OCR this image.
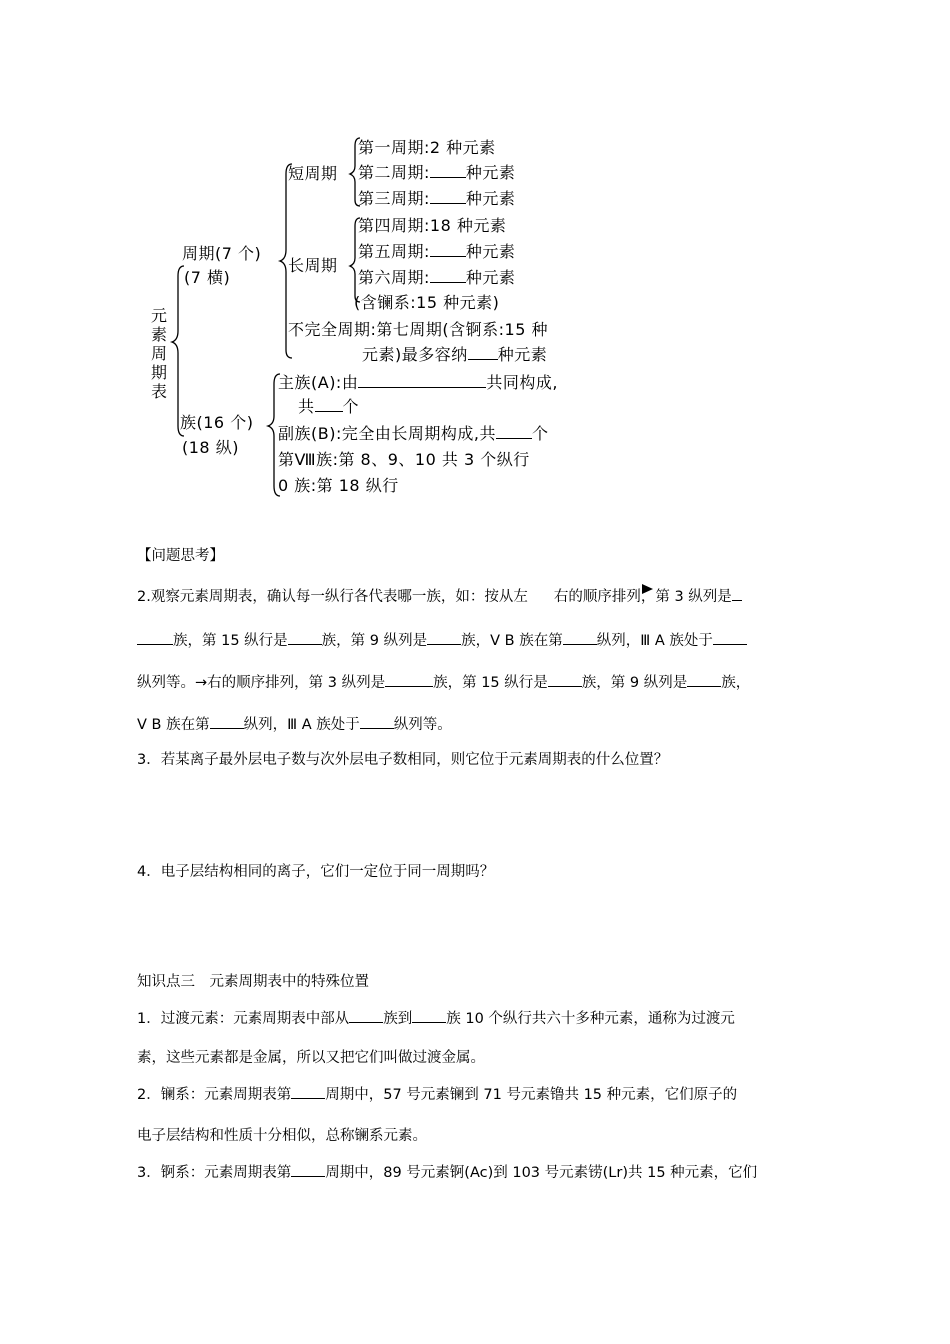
元素周期表
周期(7 个)
(7 横)
短周期
长周期
第一周期:2 种元素
第二周期: 种元素
第三周期: 种元素
第四周期:18 种元素
第五周期: 种元素
第六周期: 种元素
(含镧系:15 种元素)
不完全周期:第七周期(含锕系:15 种
元素)最多容纳 种元素
族(16 个)
(18 纵)
主族(A):由	共同构成,
共 个
副族(B):完全由长周期构成,共 个
第Ⅷ族:第 8、9、10 共 3 个纵行
0 族:第 18 纵行
【问题思考】
2.观察元素周期表，确认每一纵行各代表哪一族，如：按从左 右的顺序排列，第 3 纵列是
族，第 15 纵行是 族，第 9 纵列是 族，Ⅴ B 族在第 纵列，Ⅲ A 族处于
纵列等。→右的顺序排列，第 3 纵列是	族，第 15 纵行是 族，第 9 纵列是 族，
Ⅴ B 族在第 纵列，Ⅲ A 族处于 纵列等。
3．若某离子最外层电子数与次外层电子数相同，则它位于元素周期表的什么位置？
4．电子层结构相同的离子，它们一定位于同一周期吗？
知识点三　元素周期表中的特殊位置
1．过渡元素：元素周期表中部从 族到 族 10 个纵行共六十多种元素，通称为过渡元
素，这些元素都是金属，所以又把它们叫做过渡金属。
2．镧系：元素周期表第 周期中，57 号元素镧到 71 号元素镥共 15 种元素，它们原子的
电子层结构和性质十分相似，总称镧系元素。
3．锕系：元素周期表第 周期中，89 号元素锕(Ac)到 103 号元素铹(Lr)共 15 种元素，它们
